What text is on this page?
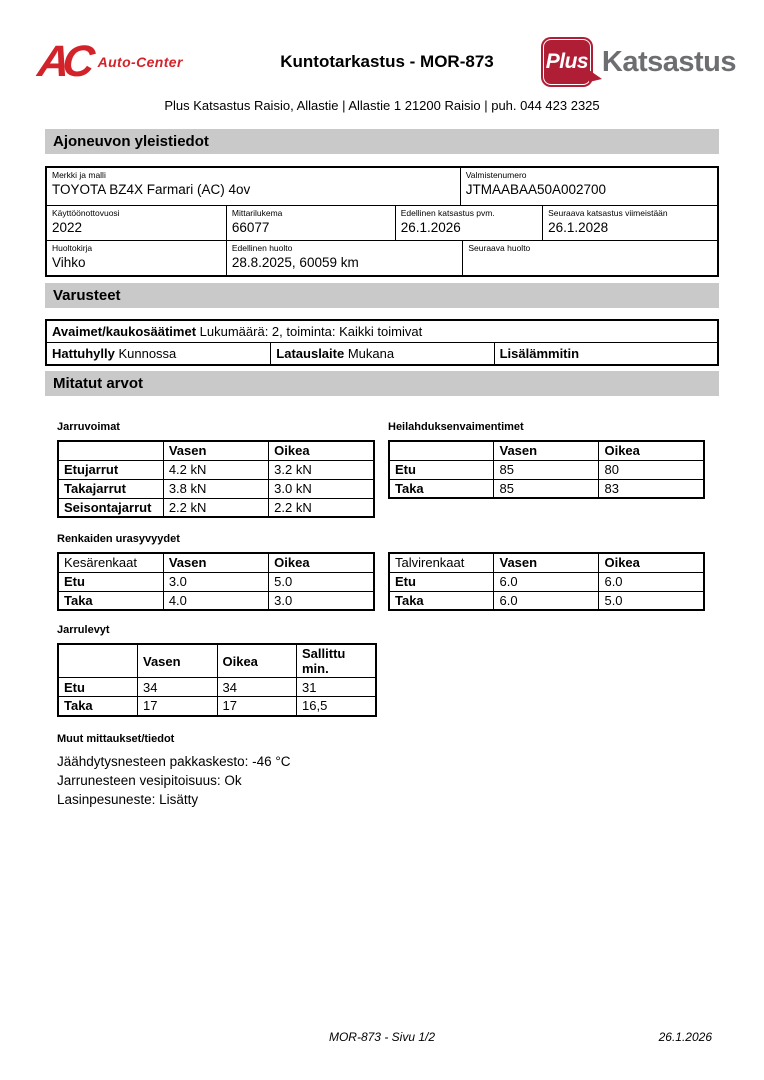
AC Auto-Center	Kuntotarkastus - MOR-873	Plus Katsastus
Plus Katsastus Raisio, Allastie | Allastie 1 21200 Raisio | puh. 044 423 2325
Ajoneuvon yleistiedot
Merkki ja malli
TOYOTA BZ4X Farmari (AC) 4ov
Valmistenumero
JTMAABAA50A002700
Käyttöönottovuosi
2022
Mittarilukema
66077
Edellinen katsastus pvm.
26.1.2026
Seuraava katsastus viimeistään
26.1.2028
Huoltokirja
Vihko
Edellinen huolto
28.8.2025, 60059 km
Seuraava huolto
Varusteet
Avaimet/kaukosäätimet Lukumäärä: 2, toiminta: Kaikki toimivat
Hattuhylly Kunnossa	Latauslaite Mukana	Lisälämmitin
Mitatut arvot
Jarruvoimat	Heilahduksenvaimentimet
	Vasen	Oikea
Etujarrut	4.2 kN	3.2 kN
Takajarrut	3.8 kN	3.0 kN
Seisontajarrut	2.2 kN	2.2 kN
	Vasen	Oikea
Etu	85	80
Taka	85	83
Renkaiden urasyvyydet
Kesärenkaat	Vasen	Oikea
Etu	3.0	5.0
Taka	4.0	3.0
Talvirenkaat	Vasen	Oikea
Etu	6.0	6.0
Taka	6.0	5.0
Jarrulevyt
	Vasen	Oikea	Sallittu min.
Etu	34	34	31
Taka	17	17	16,5
Muut mittaukset/tiedot
Jäähdytysnesteen pakkaskesto: -46 °C
Jarrunesteen vesipitoisuus: Ok
Lasinpesuneste: Lisätty
MOR-873 - Sivu 1/2	26.1.2026
